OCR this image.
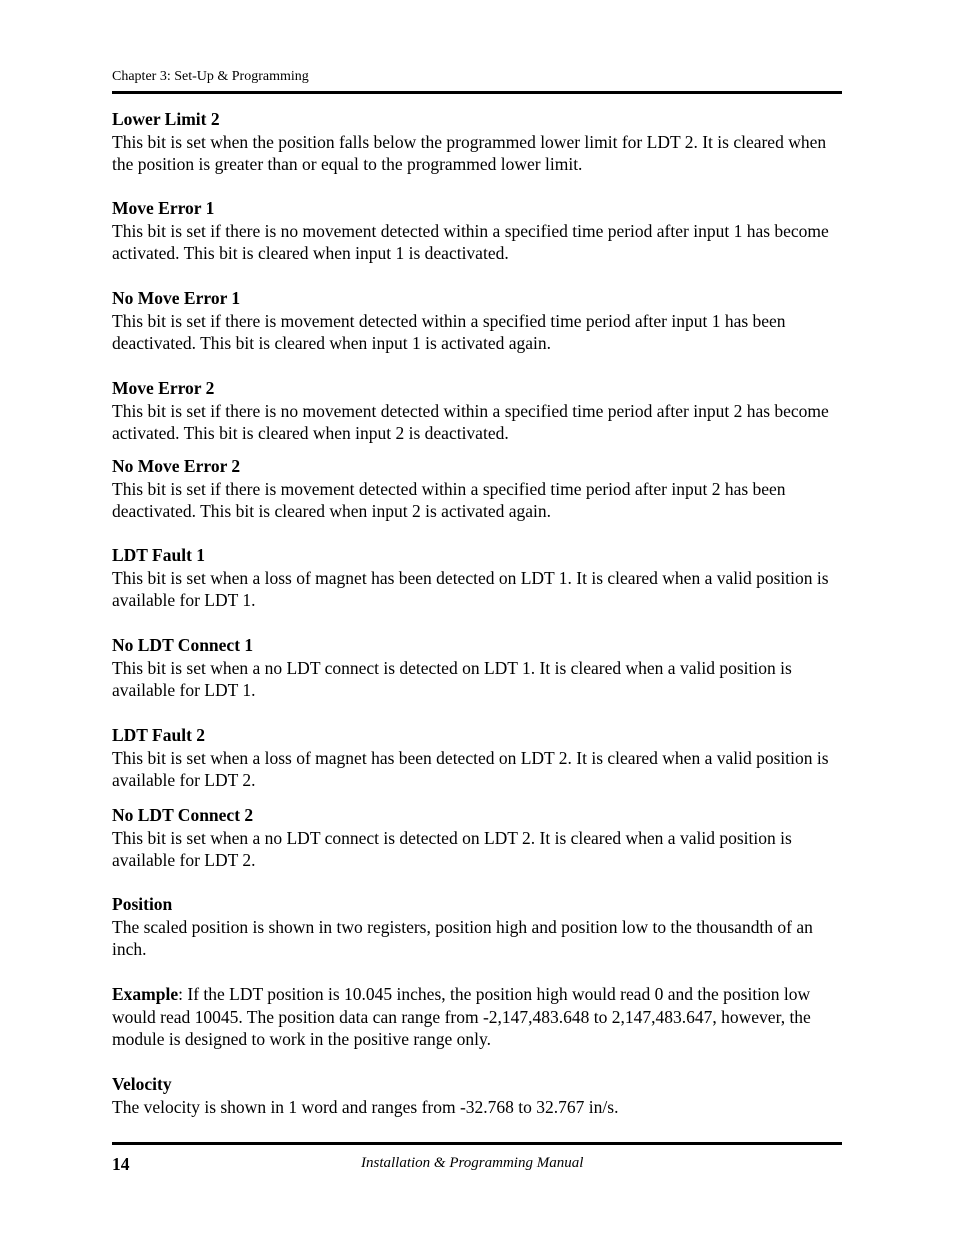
Chapter 3: Set-Up & Programming
Lower Limit 2
This bit is set when the position falls below the programmed lower limit for LDT 2. It is cleared when the position is greater than or equal to the programmed lower limit.
Move Error 1
This bit is set if there is no movement detected within a specified time period after input 1 has become activated. This bit is cleared when input 1 is deactivated.
No Move Error 1
This bit is set if there is movement detected within a specified time period after input 1 has been deactivated. This bit is cleared when input 1 is activated again.
Move Error 2
This bit is set if there is no movement detected within a specified time period after input 2 has become activated. This bit is cleared when input 2 is deactivated.
No Move Error 2
This bit is set if there is movement detected within a specified time period after input 2 has been deactivated. This bit is cleared when input 2 is activated again.
LDT Fault 1
This bit is set when a loss of magnet has been detected on LDT 1. It is cleared when a valid position is available for LDT 1.
No LDT Connect 1
This bit is set when a no LDT connect is detected on LDT 1. It is cleared when a valid position is available for LDT 1.
LDT Fault 2
This bit is set when a loss of magnet has been detected on LDT 2. It is cleared when a valid position is available for LDT 2.
No LDT Connect 2
This bit is set when a no LDT connect is detected on LDT 2. It is cleared when a valid position is available for LDT 2.
Position
The scaled position is shown in two registers, position high and position low to the thousandth of an inch.
Example: If the LDT position is 10.045 inches, the position high would read 0 and the position low would read 10045. The position data can range from -2,147,483.648 to 2,147,483.647, however, the module is designed to work in the positive range only.
Velocity
The velocity is shown in 1 word and ranges from -32.768 to 32.767 in/s.
14	Installation & Programming Manual
